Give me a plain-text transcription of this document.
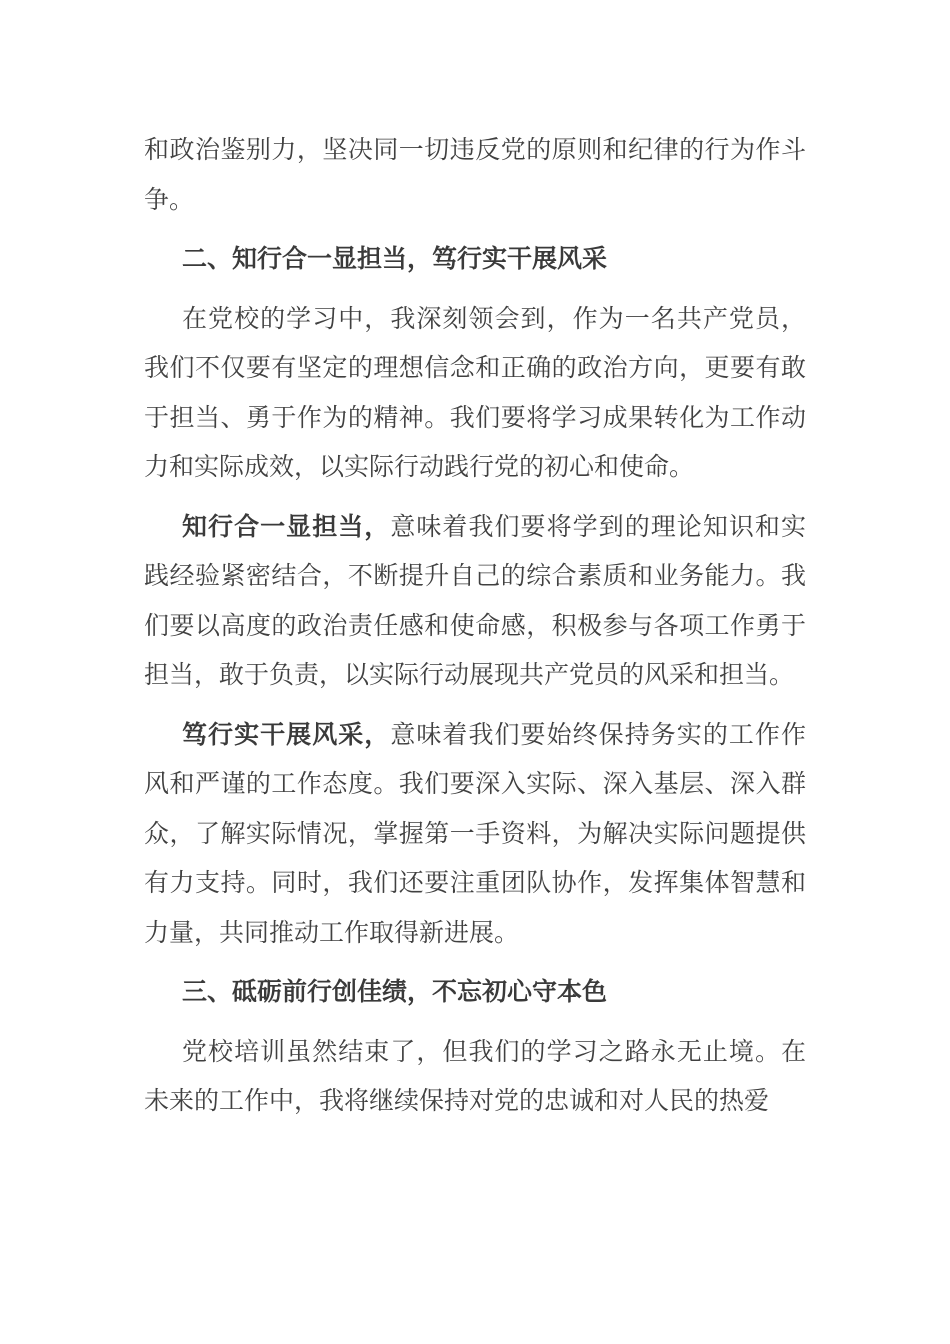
和政治鉴别力，坚决同一切违反党的原则和纪律的行为作斗争。

二、知行合一显担当，笃行实干展风采

在党校的学习中，我深刻领会到，作为一名共产党员，我们不仅要有坚定的理想信念和正确的政治方向，更要有敢于担当、勇于作为的精神。我们要将学习成果转化为工作动力和实际成效，以实际行动践行党的初心和使命。

知行合一显担当，意味着我们要将学到的理论知识和实践经验紧密结合，不断提升自己的综合素质和业务能力。我们要以高度的政治责任感和使命感，积极参与各项工作勇于担当，敢于负责，以实际行动展现共产党员的风采和担当。

笃行实干展风采，意味着我们要始终保持务实的工作作风和严谨的工作态度。我们要深入实际、深入基层、深入群众，了解实际情况，掌握第一手资料，为解决实际问题提供有力支持。同时，我们还要注重团队协作，发挥集体智慧和力量，共同推动工作取得新进展。

三、砥砺前行创佳绩，不忘初心守本色

党校培训虽然结束了，但我们的学习之路永无止境。在未来的工作中，我将继续保持对党的忠诚和对人民的热爱
